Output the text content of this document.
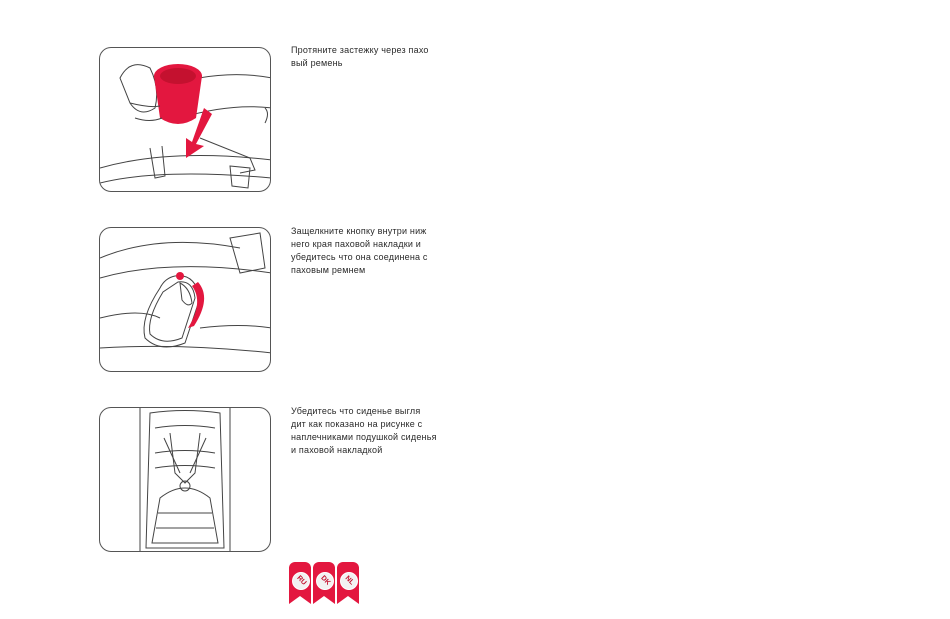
Протяните застежку через пахо
вый ремень
Защелкните кнопку внутри ниж
него края паховой накладки и
убедитесь что она соединена с
паховым ремнем
Убедитесь что сиденье выгля
дит как показано на рисунке с
наплечниками подушкой сиденья
и паховой накладкой
RU	DK	NL
